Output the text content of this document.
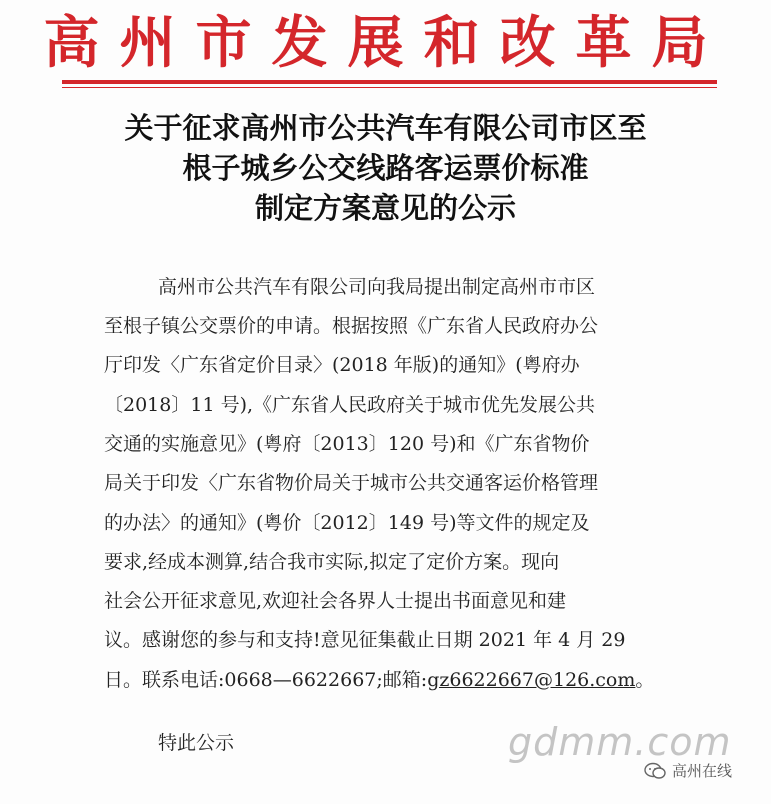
高州市发展和改革局
关于征求高州市公共汽车有限公司市区至
根子城乡公交线路客运票价标准
制定方案意见的公示
高州市公共汽车有限公司向我局提出制定高州市市区
至根子镇公交票价的申请。根据按照《广东省人民政府办公
厅印发〈广东省定价目录〉(2018 年版)的通知》(粤府办
〔2018〕11 号),《广东省人民政府关于城市优先发展公共
交通的实施意见》(粤府〔2013〕120 号)和《广东省物价
局关于印发〈广东省物价局关于城市公共交通客运价格管理
的办法〉的通知》(粤价〔2012〕149 号)等文件的规定及
要求,经成本测算,结合我市实际,拟定了定价方案。现向
社会公开征求意见,欢迎社会各界人士提出书面意见和建
议。感谢您的参与和支持!意见征集截止日期 2021 年 4 月 29
日。联系电话:0668—6622667;邮箱:gz6622667@126.com。
特此公示	gdmm.com
高州在线
